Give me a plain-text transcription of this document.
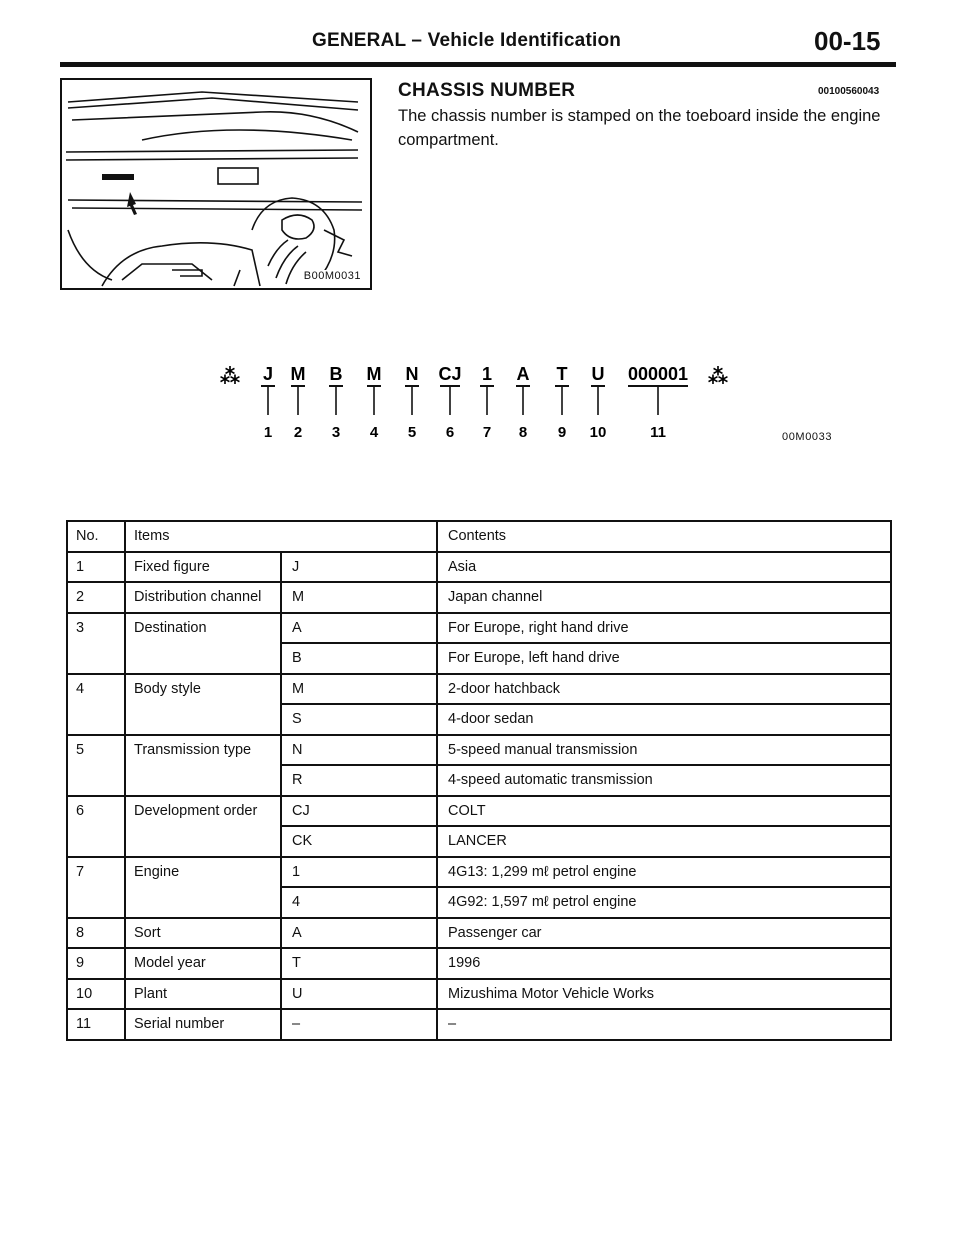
GENERAL – Vehicle Identification	00-15
B00M0031
CHASSIS NUMBER	00100560043
The chassis number is stamped on the toeboard inside the engine compartment.
⁂	⁂
J
1
M
2
B
3
M
4
N
5
CJ
6
1
7
A
8
T
9
U
10
000001
11	00M0033
No.	Items		Contents
1	Fixed figure	J	Asia
2	Distribution channel	M	Japan channel
3	Destination	A	For Europe, right hand drive
		B	For Europe, left hand drive
4	Body style	M	2-door hatchback
		S	4-door sedan
5	Transmission type	N	5-speed manual transmission
		R	4-speed automatic transmission
6	Development order	CJ	COLT
		CK	LANCER
7	Engine	1	4G13: 1,299 mℓ petrol engine
		4	4G92: 1,597 mℓ petrol engine
8	Sort	A	Passenger car
9	Model year	T	1996
10	Plant	U	Mizushima Motor Vehicle Works
11	Serial number	–	–
